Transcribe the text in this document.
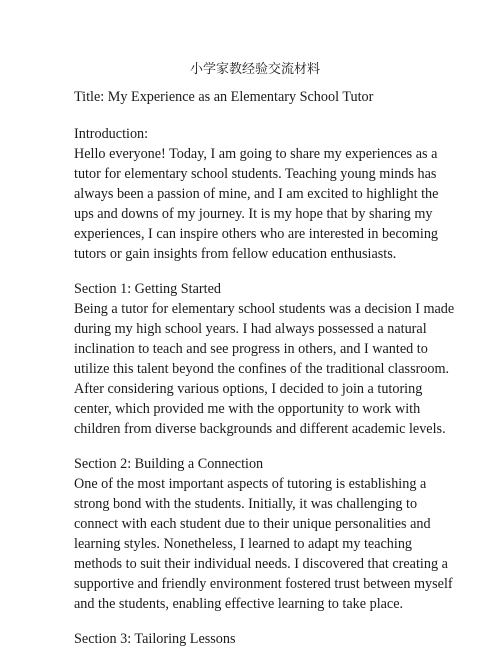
小学家教经验交流材料
Title: My Experience as an Elementary School Tutor
Introduction:
Hello everyone! Today, I am going to share my experiences as a
tutor for elementary school students. Teaching young minds has
always been a passion of mine, and I am excited to highlight the
ups and downs of my journey. It is my hope that by sharing my
experiences, I can inspire others who are interested in becoming
tutors or gain insights from fellow education enthusiasts.
Section 1: Getting Started
Being a tutor for elementary school students was a decision I made
during my high school years. I had always possessed a natural
inclination to teach and see progress in others, and I wanted to
utilize this talent beyond the confines of the traditional classroom.
After considering various options, I decided to join a tutoring
center, which provided me with the opportunity to work with
children from diverse backgrounds and different academic levels.
Section 2: Building a Connection
One of the most important aspects of tutoring is establishing a
strong bond with the students. Initially, it was challenging to
connect with each student due to their unique personalities and
learning styles. Nonetheless, I learned to adapt my teaching
methods to suit their individual needs. I discovered that creating a
supportive and friendly environment fostered trust between myself
and the students, enabling effective learning to take place.
Section 3: Tailoring Lessons
